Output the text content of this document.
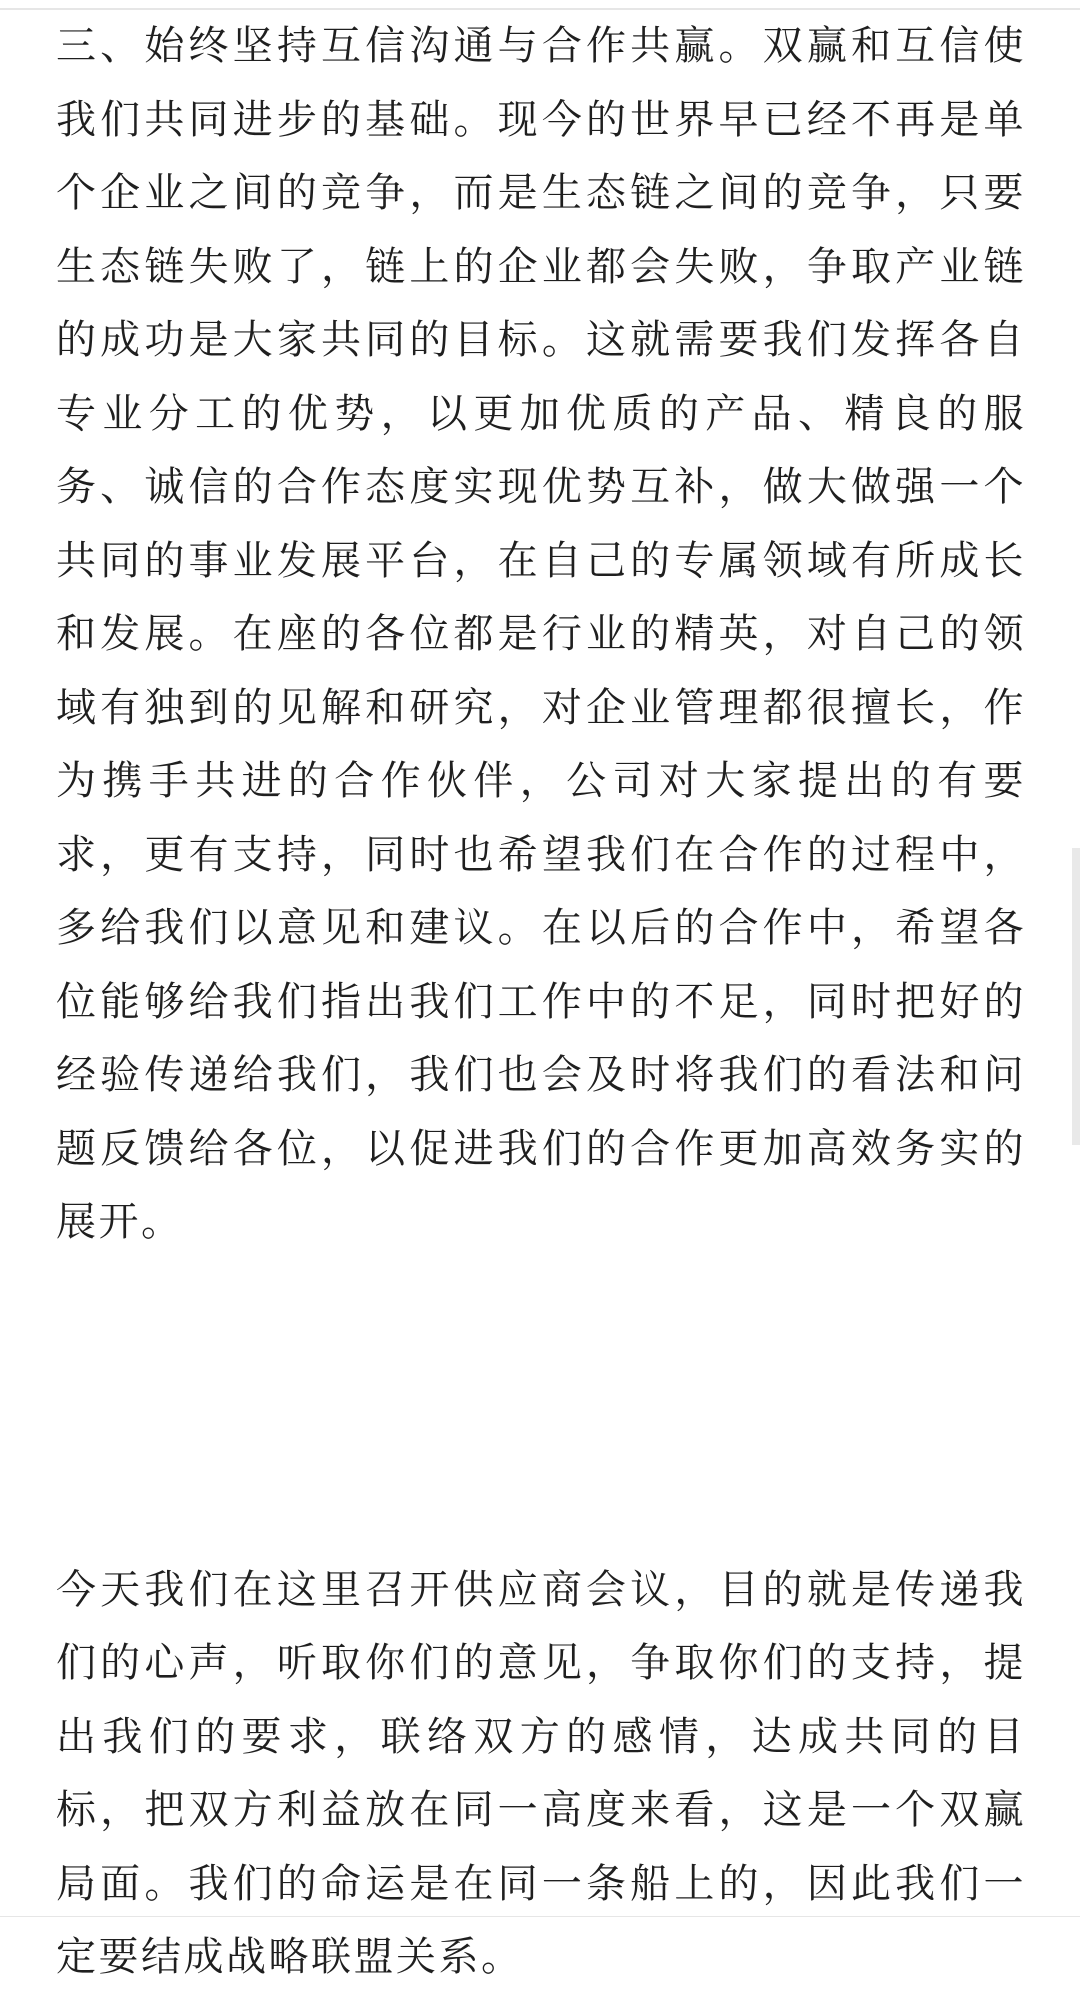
三、始终坚持互信沟通与合作共赢。双赢和互信使我们共同进步的基础。现今的世界早已经不再是单个企业之间的竞争，而是生态链之间的竞争，只要生态链失败了，链上的企业都会失败，争取产业链的成功是大家共同的目标。这就需要我们发挥各自专业分工的优势，以更加优质的产品、精良的服务、诚信的合作态度实现优势互补，做大做强一个共同的事业发展平台，在自己的专属领域有所成长和发展。在座的各位都是行业的精英，对自己的领域有独到的见解和研究，对企业管理都很擅长，作为携手共进的合作伙伴，公司对大家提出的有要求，更有支持，同时也希望我们在合作的过程中，多给我们以意见和建议。在以后的合作中，希望各位能够给我们指出我们工作中的不足，同时把好的经验传递给我们，我们也会及时将我们的看法和问题反馈给各位，以促进我们的合作更加高效务实的展开。

今天我们在这里召开供应商会议，目的就是传递我们的心声，听取你们的意见，争取你们的支持，提出我们的要求，联络双方的感情，达成共同的目标，把双方利益放在同一高度来看，这是一个双赢局面。我们的命运是在同一条船上的，因此我们一定要结成战略联盟关系。
